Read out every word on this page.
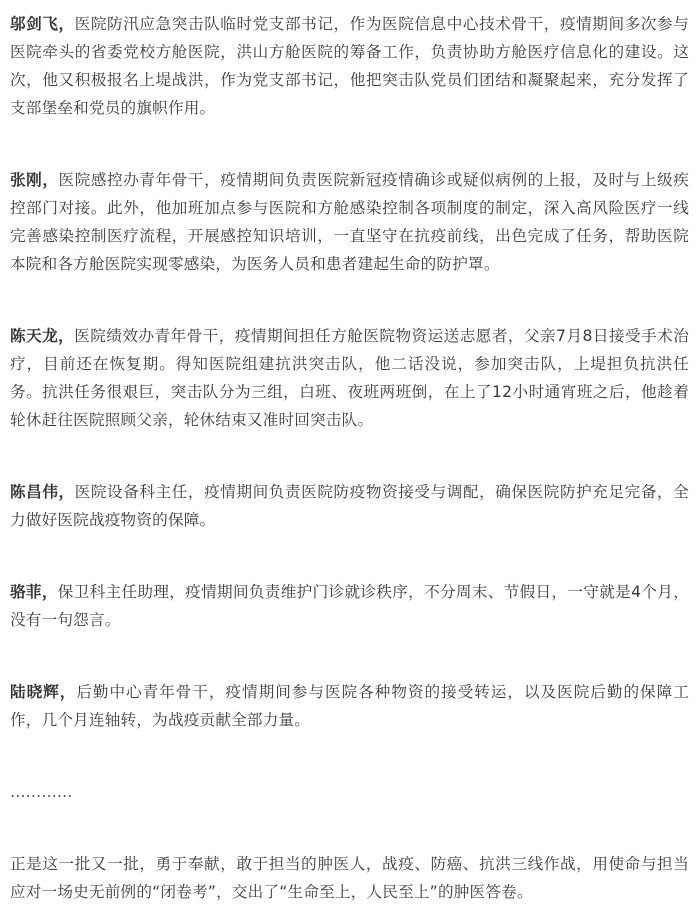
邬剑飞，医院防汛应急突击队临时党支部书记，作为医院信息中心技术骨干，疫情期间多次参与医院牵头的省委党校方舱医院，洪山方舱医院的筹备工作，负责协助方舱医疗信息化的建设。这次，他又积极报名上堤战洪，作为党支部书记，他把突击队党员们团结和凝聚起来，充分发挥了支部堡垒和党员的旗帜作用。

张刚，医院感控办青年骨干，疫情期间负责医院新冠疫情确诊或疑似病例的上报，及时与上级疾控部门对接。此外，他加班加点参与医院和方舱感染控制各项制度的制定，深入高风险医疗一线完善感染控制医疗流程，开展感控知识培训，一直坚守在抗疫前线，出色完成了任务，帮助医院本院和各方舱医院实现零感染，为医务人员和患者建起生命的防护罩。

陈天龙，医院绩效办青年骨干，疫情期间担任方舱医院物资运送志愿者，父亲7月8日接受手术治疗，目前还在恢复期。得知医院组建抗洪突击队，他二话没说，参加突击队，上堤担负抗洪任务。抗洪任务很艰巨，突击队分为三组，白班、夜班两班倒，在上了12小时通宵班之后，他趁着轮休赶往医院照顾父亲，轮休结束又准时回突击队。

陈昌伟，医院设备科主任，疫情期间负责医院防疫物资接受与调配，确保医院防护充足完备，全力做好医院战疫物资的保障。

骆菲，保卫科主任助理，疫情期间负责维护门诊就诊秩序，不分周末、节假日，一守就是4个月，没有一句怨言。

陆晓辉，后勤中心青年骨干，疫情期间参与医院各种物资的接受转运，以及医院后勤的保障工作，几个月连轴转，为战疫贡献全部力量。

…………

正是这一批又一批，勇于奉献，敢于担当的肿医人，战疫、防癌、抗洪三线作战，用使命与担当应对一场史无前例的“闭卷考”，交出了“生命至上，人民至上”的肿医答卷。
